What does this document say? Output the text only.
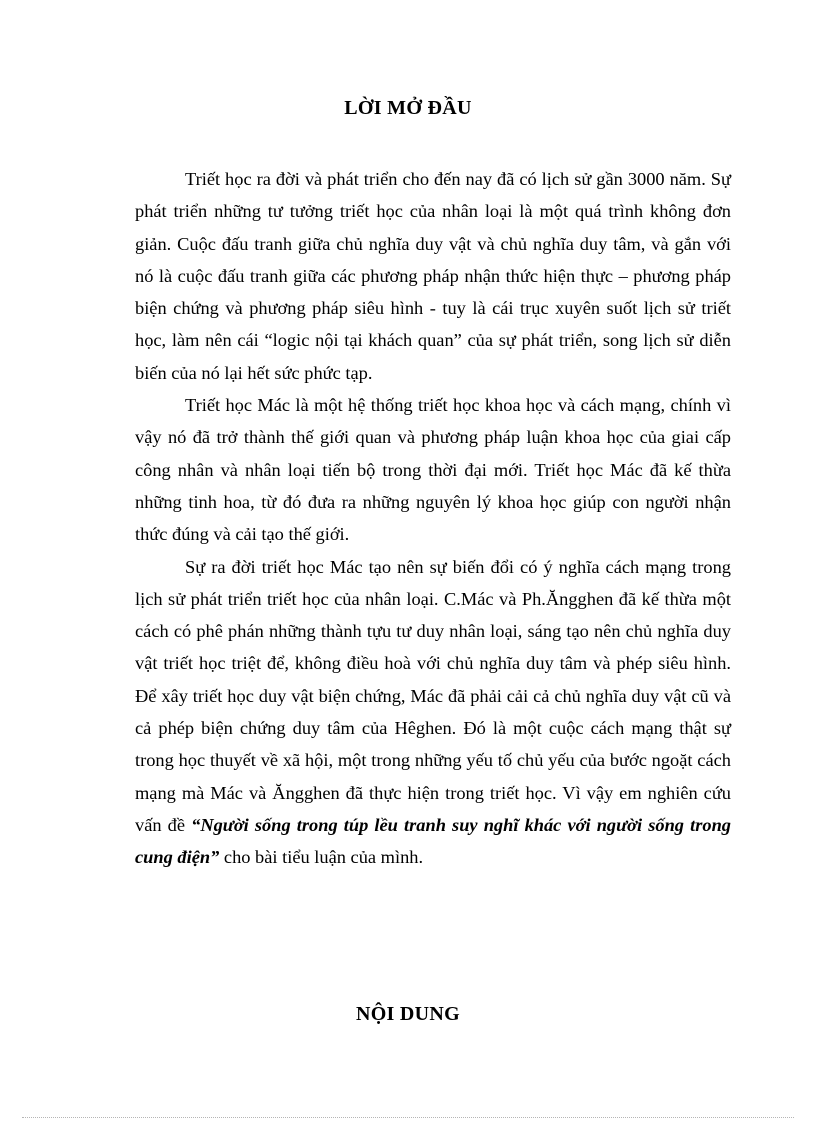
LỜI MỞ ĐẦU

Triết học ra đời và phát triển cho đến nay đã có lịch sử gần 3000 năm. Sự phát triển những tư tưởng triết học của nhân loại là một quá trình không đơn giản. Cuộc đấu tranh giữa chủ nghĩa duy vật và chủ nghĩa duy tâm, và gắn với nó là cuộc đấu tranh giữa các phương pháp nhận thức hiện thực – phương pháp biện chứng và phương pháp siêu hình - tuy là cái trục xuyên suốt lịch sử triết học, làm nên cái “logic nội tại khách quan” của sự phát triển, song lịch sử diễn biến của nó lại hết sức phức tạp.

Triết học Mác là một hệ thống triết học khoa học và cách mạng, chính vì vậy nó đã trở thành thế giới quan và phương pháp luận khoa học của giai cấp công nhân và nhân loại tiến bộ trong thời đại mới. Triết học Mác đã kế thừa những tinh hoa, từ đó đưa ra những nguyên lý khoa học giúp con người nhận thức đúng và cải tạo thế giới.

Sự ra đời triết học Mác tạo nên sự biến đổi có ý nghĩa cách mạng trong lịch sử phát triển triết học của nhân loại. C.Mác và Ph.Ăngghen đã kế thừa một cách có phê phán những thành tựu tư duy nhân loại, sáng tạo nên chủ nghĩa duy vật triết học triệt để, không điều hoà với chủ nghĩa duy tâm và phép siêu hình. Để xây triết học duy vật biện chứng, Mác đã phải cải cả chủ nghĩa duy vật cũ và cả phép biện chứng duy tâm của Hêghen. Đó là một cuộc cách mạng thật sự trong học thuyết về xã hội, một trong những yếu tố chủ yếu của bước ngoặt cách mạng mà Mác và Ăngghen đã thực hiện trong triết học. Vì vậy em nghiên cứu vấn đề “Người sống trong túp lều tranh suy nghĩ khác với người sống trong cung điện” cho bài tiểu luận của mình.

NỘI DUNG
